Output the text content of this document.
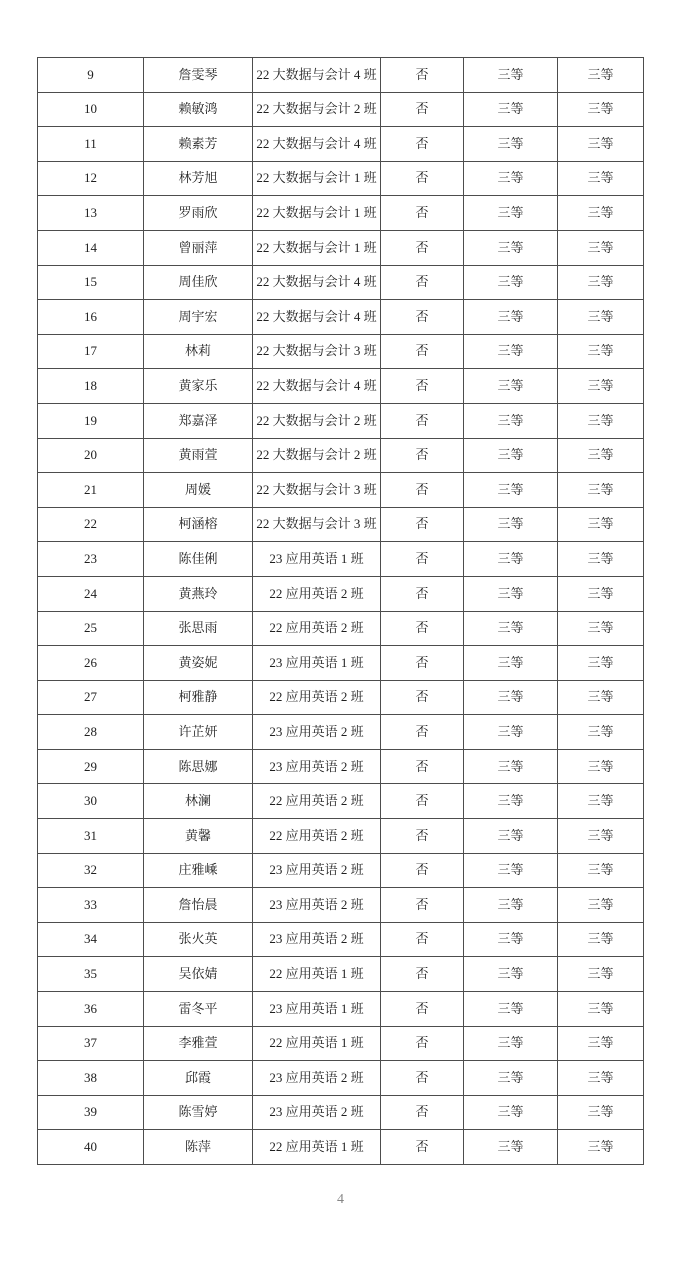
9	詹雯琴	22 大数据与会计 4 班	否	三等	三等
10	赖敏鸿	22 大数据与会计 2 班	否	三等	三等
11	赖素芳	22 大数据与会计 4 班	否	三等	三等
12	林芳旭	22 大数据与会计 1 班	否	三等	三等
13	罗雨欣	22 大数据与会计 1 班	否	三等	三等
14	曾丽萍	22 大数据与会计 1 班	否	三等	三等
15	周佳欣	22 大数据与会计 4 班	否	三等	三等
16	周宇宏	22 大数据与会计 4 班	否	三等	三等
17	林莉	22 大数据与会计 3 班	否	三等	三等
18	黄家乐	22 大数据与会计 4 班	否	三等	三等
19	郑嘉泽	22 大数据与会计 2 班	否	三等	三等
20	黄雨萱	22 大数据与会计 2 班	否	三等	三等
21	周媛	22 大数据与会计 3 班	否	三等	三等
22	柯涵榕	22 大数据与会计 3 班	否	三等	三等
23	陈佳俐	23 应用英语 1 班	否	三等	三等
24	黄燕玲	22 应用英语 2 班	否	三等	三等
25	张思雨	22 应用英语 2 班	否	三等	三等
26	黄姿妮	23 应用英语 1 班	否	三等	三等
27	柯雅静	22 应用英语 2 班	否	三等	三等
28	许芷妍	23 应用英语 2 班	否	三等	三等
29	陈思娜	23 应用英语 2 班	否	三等	三等
30	林澜	22 应用英语 2 班	否	三等	三等
31	黄馨	22 应用英语 2 班	否	三等	三等
32	庄雅嵊	23 应用英语 2 班	否	三等	三等
33	詹怡晨	23 应用英语 2 班	否	三等	三等
34	张火英	23 应用英语 2 班	否	三等	三等
35	吴依婧	22 应用英语 1 班	否	三等	三等
36	雷冬平	23 应用英语 1 班	否	三等	三等
37	李雅萱	22 应用英语 1 班	否	三等	三等
38	邱霞	23 应用英语 2 班	否	三等	三等
39	陈雪婷	23 应用英语 2 班	否	三等	三等
40	陈萍	22 应用英语 1 班	否	三等	三等
4
